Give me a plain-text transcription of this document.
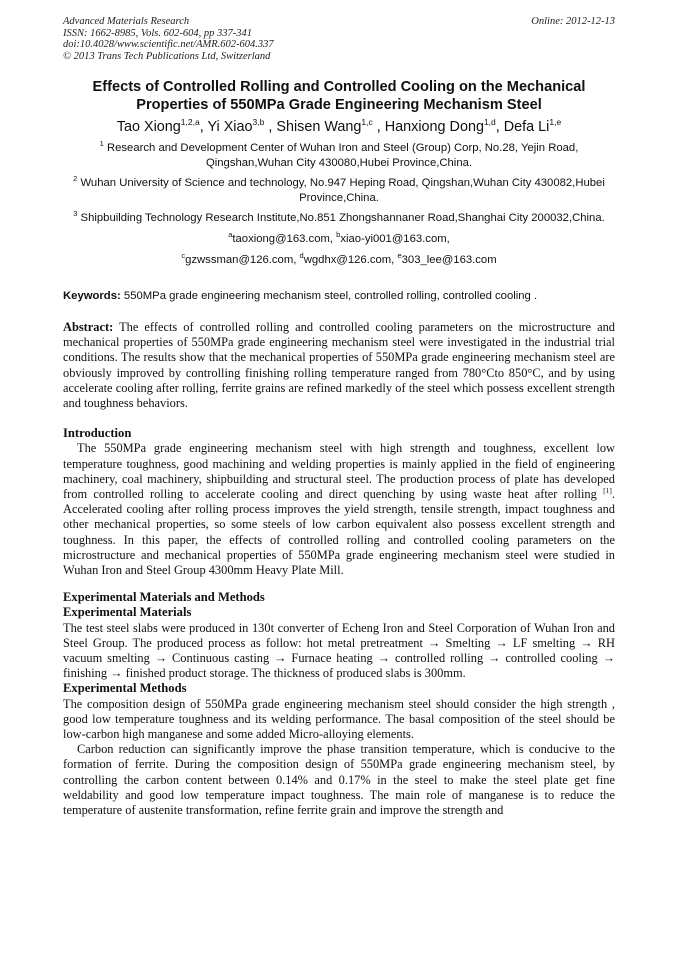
Advanced Materials Research
ISSN: 1662-8985, Vols. 602-604, pp 337-341
doi:10.4028/www.scientific.net/AMR.602-604.337
© 2013 Trans Tech Publications Ltd, Switzerland
Online: 2012-12-13
Effects of Controlled Rolling and Controlled Cooling on the Mechanical Properties of 550MPa Grade Engineering Mechanism Steel
Tao Xiong$^{1,2,a}$, Yi Xiao$^{3,b}$ , Shisen Wang$^{1,c}$ , Hanxiong Dong$^{1,d}$, Defa Li$^{1,e}$
$^1$ Research and Development Center of Wuhan Iron and Steel (Group) Corp, No.28, Yejin Road, Qingshan,Wuhan City 430080,Hubei Province,China.
$^2$ Wuhan University of Science and technology, No.947 Heping Road, Qingshan,Wuhan City 430082,Hubei Province,China.
$^3$ Shipbuilding Technology Research Institute,No.851 Zhongshannaner Road,Shanghai City 200032,China.
$^a$taoxiong@163.com, $^b$xiao-yi001@163.com,
$^c$gzwssman@126.com, $^d$wgdhx@126.com, $^e$303_lee@163.com
Keywords: 550MPa grade engineering mechanism steel, controlled rolling, controlled cooling .
Abstract: The effects of controlled rolling and controlled cooling parameters on the microstructure and mechanical properties of 550MPa grade engineering mechanism steel were investigated in the industrial trial conditions. The results show that the mechanical properties of 550MPa grade engineering mechanism steel are obviously improved by controlling finishing rolling temperature ranged from 780°Cto 850°C, and by using accelerate cooling after rolling, ferrite grains are refined markedly of the steel which possess excellent strength and toughness behaviors.
Introduction
The 550MPa grade engineering mechanism steel with high strength and toughness, excellent low temperature toughness, good machining and welding properties is mainly applied in the field of engineering machinery, coal machinery, shipbuilding and structural steel. The production process of plate has developed from controlled rolling to accelerate cooling and direct quenching by using waste heat after rolling [1]. Accelerated cooling after rolling process improves the yield strength, tensile strength, impact toughness and other mechanical properties, so some steels of low carbon equivalent also possess excellent strength and toughness. In this paper, the effects of controlled rolling and controlled cooling parameters on the microstructure and mechanical properties of 550MPa grade engineering mechanism steel were studied in Wuhan Iron and Steel Group 4300mm Heavy Plate Mill.
Experimental Materials and Methods
Experimental Materials
The test steel slabs were produced in 130t converter of Echeng Iron and Steel Corporation of Wuhan Iron and Steel Group. The produced process as follow: hot metal pretreatment → Smelting → LF smelting → RH vacuum smelting → Continuous casting → Furnace heating → controlled rolling → controlled cooling → finishing → finished product storage. The thickness of produced slabs is 300mm.
Experimental Methods
The composition design of 550MPa grade engineering mechanism steel should consider the high strength , good low temperature toughness and its welding performance. The basal composition of the steel should be low-carbon high manganese and some added Micro-alloying elements.
Carbon reduction can significantly improve the phase transition temperature, which is conducive to the formation of ferrite. During the composition design of 550MPa grade engineering mechanism steel, by controlling the carbon content between 0.14% and 0.17% in the steel to make the steel plate get fine weldability and good low temperature impact toughness. The main role of manganese is to reduce the temperature of austenite transformation, refine ferrite grain and improve the strength and
